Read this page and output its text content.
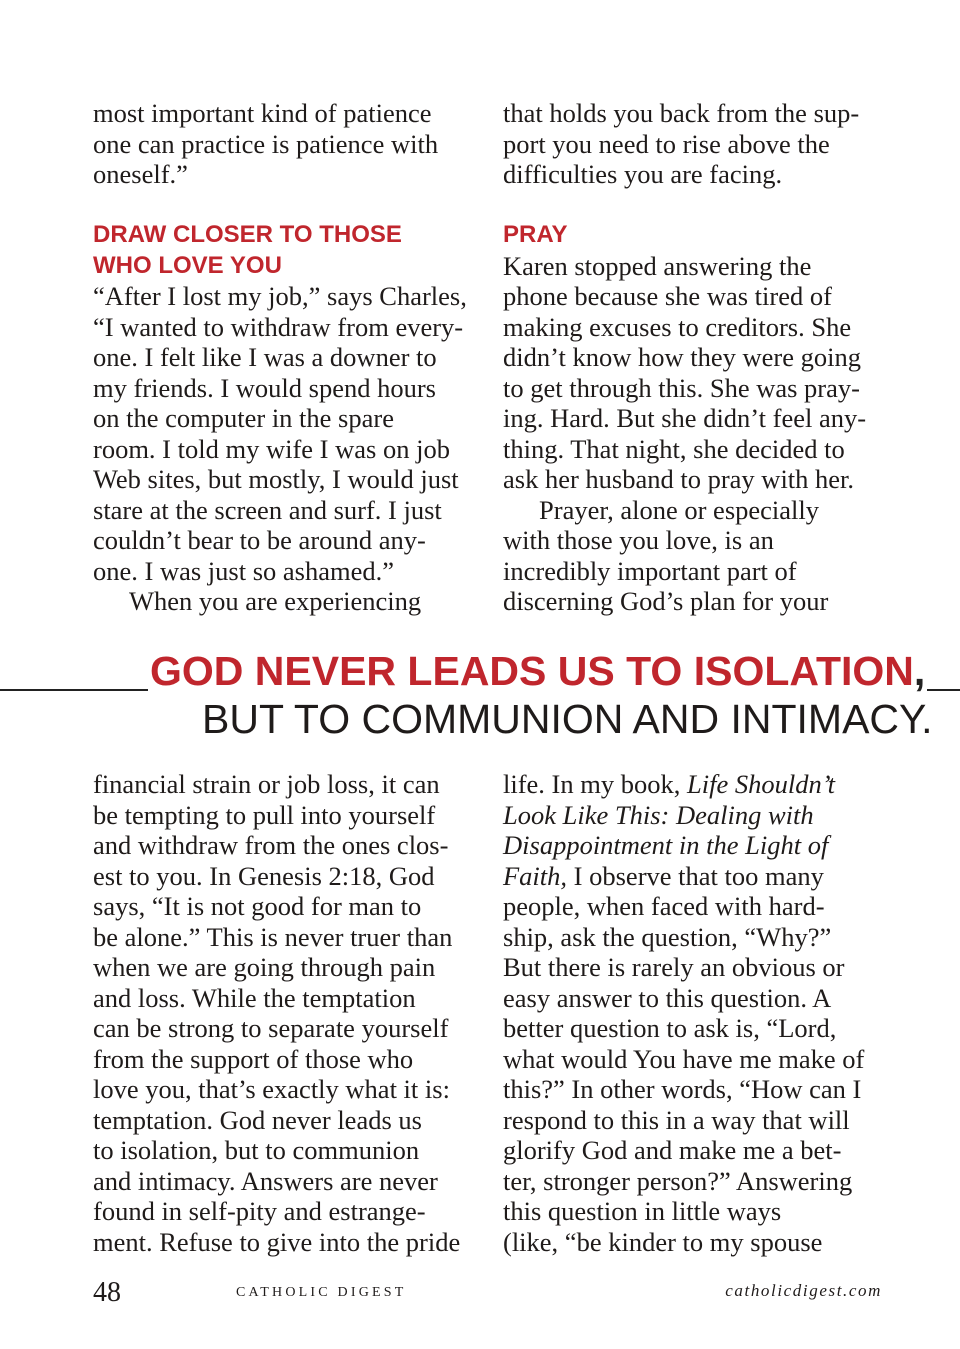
most important kind of patience
one can practice is patience with
oneself.”
DRAW CLOSER TO THOSE
WHO LOVE YOU
“After I lost my job,” says Charles,
“I wanted to withdraw from every-
one. I felt like I was a downer to
my friends. I would spend hours
on the computer in the spare
room. I told my wife I was on job
Web sites, but mostly, I would just
stare at the screen and surf. I just
couldn’t bear to be around any-
one. I was just so ashamed.”
When you are experiencing
that holds you back from the sup-
port you need to rise above the
difficulties you are facing.
PRAY
Karen stopped answering the
phone because she was tired of
making excuses to creditors. She
didn’t know how they were going
to get through this. She was pray-
ing. Hard. But she didn’t feel any-
thing. That night, she decided to
ask her husband to pray with her.
Prayer, alone or especially
with those you love, is an
incredibly important part of
discerning God’s plan for your
GOD NEVER LEADS US TO ISOLATION,
BUT TO COMMUNION AND INTIMACY.
financial strain or job loss, it can
be tempting to pull into yourself
and withdraw from the ones clos-
est to you. In Genesis 2:18, God
says, “It is not good for man to
be alone.” This is never truer than
when we are going through pain
and loss. While the temptation
can be strong to separate yourself
from the support of those who
love you, that’s exactly what it is:
temptation. God never leads us
to isolation, but to communion
and intimacy. Answers are never
found in self-pity and estrange-
ment. Refuse to give into the pride
life. In my book, Life Shouldn’t
Look Like This: Dealing with
Disappointment in the Light of
Faith, I observe that too many
people, when faced with hard-
ship, ask the question, “Why?”
But there is rarely an obvious or
easy answer to this question. A
better question to ask is, “Lord,
what would You have me make of
this?” In other words, “How can I
respond to this in a way that will
glorify God and make me a bet-
ter, stronger person?” Answering
this question in little ways
(like, “be kinder to my spouse
48	CATHOLIC DIGEST	catholicdigest.com
